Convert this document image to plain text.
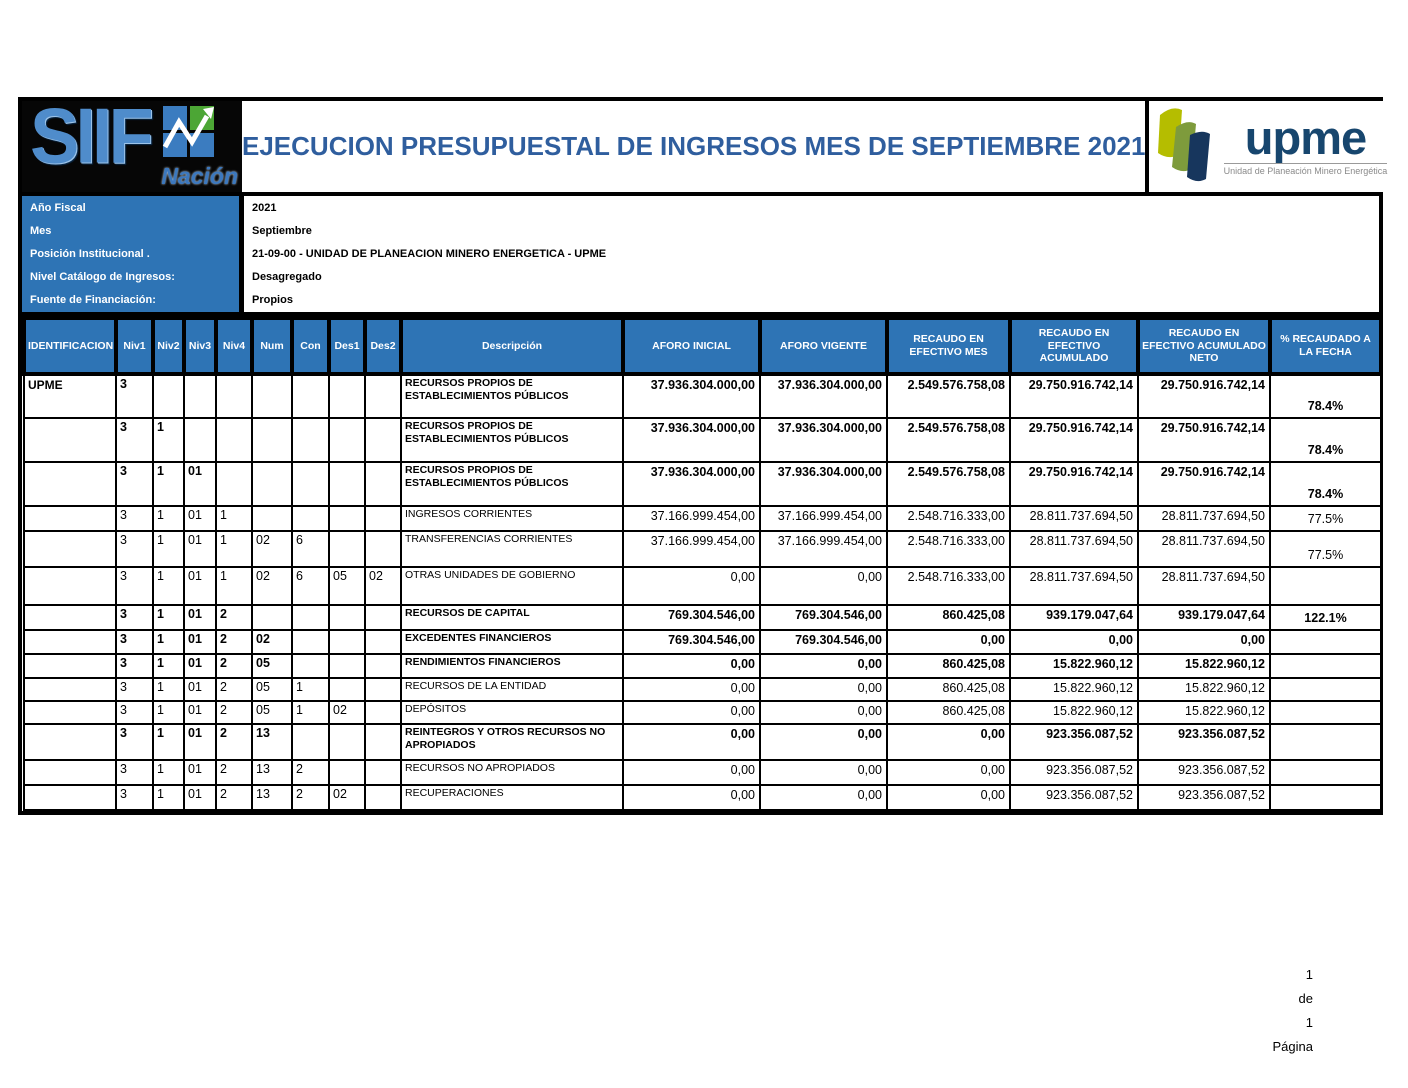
SIIF Nación
EJECUCION PRESUPUESTAL DE INGRESOS MES DE SEPTIEMBRE 2021 upme
Unidad de Planeación Minero Energética
Año Fiscal	2021
Mes	Septiembre
Posición Institucional .	21-09-00 - UNIDAD DE PLANEACION MINERO ENERGETICA - UPME
Nivel Catálogo de Ingresos:	Desagregado
Fuente de Financiación:	Propios
IDENTIFICACION	Niv1	Niv2	Niv3	Niv4	Num	Con	Des1	Des2	Descripción	AFORO INICIAL	AFORO VIGENTE	RECAUDO EN EFECTIVO MES	RECAUDO EN EFECTIVO ACUMULADO	RECAUDO EN EFECTIVO ACUMULADO NETO	% RECAUDADO A LA FECHA
UPME	3								RECURSOS PROPIOS DE ESTABLECIMIENTOS PÚBLICOS	37.936.304.000,00	37.936.304.000,00	2.549.576.758,08	29.750.916.742,14	29.750.916.742,14	78.4%
	3	1							RECURSOS PROPIOS DE ESTABLECIMIENTOS PÚBLICOS	37.936.304.000,00	37.936.304.000,00	2.549.576.758,08	29.750.916.742,14	29.750.916.742,14	78.4%
	3	1	01						RECURSOS PROPIOS DE ESTABLECIMIENTOS PÚBLICOS	37.936.304.000,00	37.936.304.000,00	2.549.576.758,08	29.750.916.742,14	29.750.916.742,14	78.4%
	3	1	01	1					INGRESOS CORRIENTES	37.166.999.454,00	37.166.999.454,00	2.548.716.333,00	28.811.737.694,50	28.811.737.694,50	77.5%
	3	1	01	1	02	6			TRANSFERENCIAS CORRIENTES	37.166.999.454,00	37.166.999.454,00	2.548.716.333,00	28.811.737.694,50	28.811.737.694,50	77.5%
	3	1	01	1	02	6	05	02	OTRAS UNIDADES DE GOBIERNO	0,00	0,00	2.548.716.333,00	28.811.737.694,50	28.811.737.694,50	
	3	1	01	2					RECURSOS DE CAPITAL	769.304.546,00	769.304.546,00	860.425,08	939.179.047,64	939.179.047,64	122.1%
	3	1	01	2	02				EXCEDENTES FINANCIEROS	769.304.546,00	769.304.546,00	0,00	0,00	0,00	
	3	1	01	2	05				RENDIMIENTOS FINANCIEROS	0,00	0,00	860.425,08	15.822.960,12	15.822.960,12	
	3	1	01	2	05	1			RECURSOS DE LA ENTIDAD	0,00	0,00	860.425,08	15.822.960,12	15.822.960,12	
	3	1	01	2	05	1	02		DEPÓSITOS	0,00	0,00	860.425,08	15.822.960,12	15.822.960,12	
	3	1	01	2	13				REINTEGROS Y OTROS RECURSOS NO APROPIADOS	0,00	0,00	0,00	923.356.087,52	923.356.087,52	
	3	1	01	2	13	2			RECURSOS NO APROPIADOS	0,00	0,00	0,00	923.356.087,52	923.356.087,52	
	3	1	01	2	13	2	02		RECUPERACIONES	0,00	0,00	0,00	923.356.087,52	923.356.087,52	
1
de
1
Página
